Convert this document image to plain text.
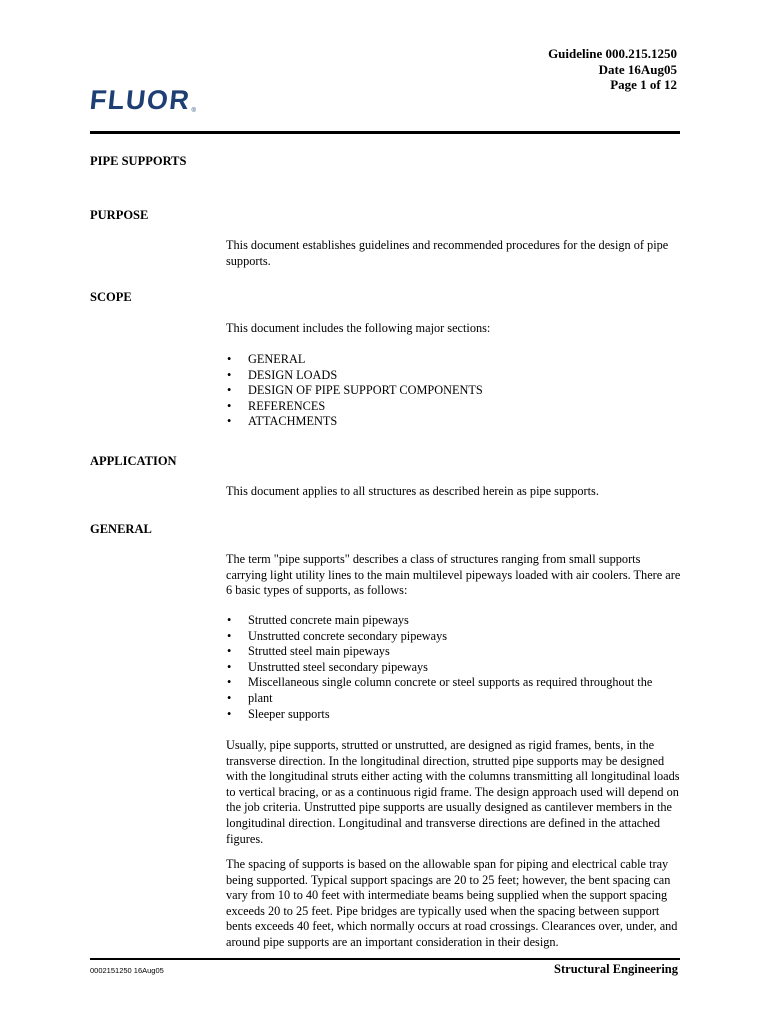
Guideline 000.215.1250
Date 16Aug05
Page 1 of 12
FLUOR ®
PIPE SUPPORTS
PURPOSE

This document establishes guidelines and recommended procedures for the design of pipe supports.

SCOPE

This document includes the following major sections:

• GENERAL
• DESIGN LOADS
• DESIGN OF PIPE SUPPORT COMPONENTS
• REFERENCES
• ATTACHMENTS
APPLICATION

This document applies to all structures as described herein as pipe supports.

GENERAL

The term "pipe supports" describes a class of structures ranging from small supports carrying light utility lines to the main multilevel pipeways loaded with air coolers. There are 6 basic types of supports, as follows:

• Strutted concrete main pipeways
• Unstrutted concrete secondary pipeways
• Strutted steel main pipeways
• Unstrutted steel secondary pipeways
• Miscellaneous single column concrete or steel supports as required throughout the
• plant
• Sleeper supports

Usually, pipe supports, strutted or unstrutted, are designed as rigid frames, bents, in the transverse direction. In the longitudinal direction, strutted pipe supports may be designed with the longitudinal struts either acting with the columns transmitting all longitudinal loads to vertical bracing, or as a continuous rigid frame. The design approach used will depend on the job criteria. Unstrutted pipe supports are usually designed as cantilever members in the longitudinal direction. Longitudinal and transverse directions are defined in the attached figures.

The spacing of supports is based on the allowable span for piping and electrical cable tray being supported. Typical support spacings are 20 to 25 feet; however, the bent spacing can vary from 10 to 40 feet with intermediate beams being supplied when the support spacing exceeds 20 to 25 feet. Pipe bridges are typically used when the spacing between support bents exceeds 40 feet, which normally occurs at road crossings. Clearances over, under, and around pipe supports are an important consideration in their design.

0002151250 16Aug05	Structural Engineering
